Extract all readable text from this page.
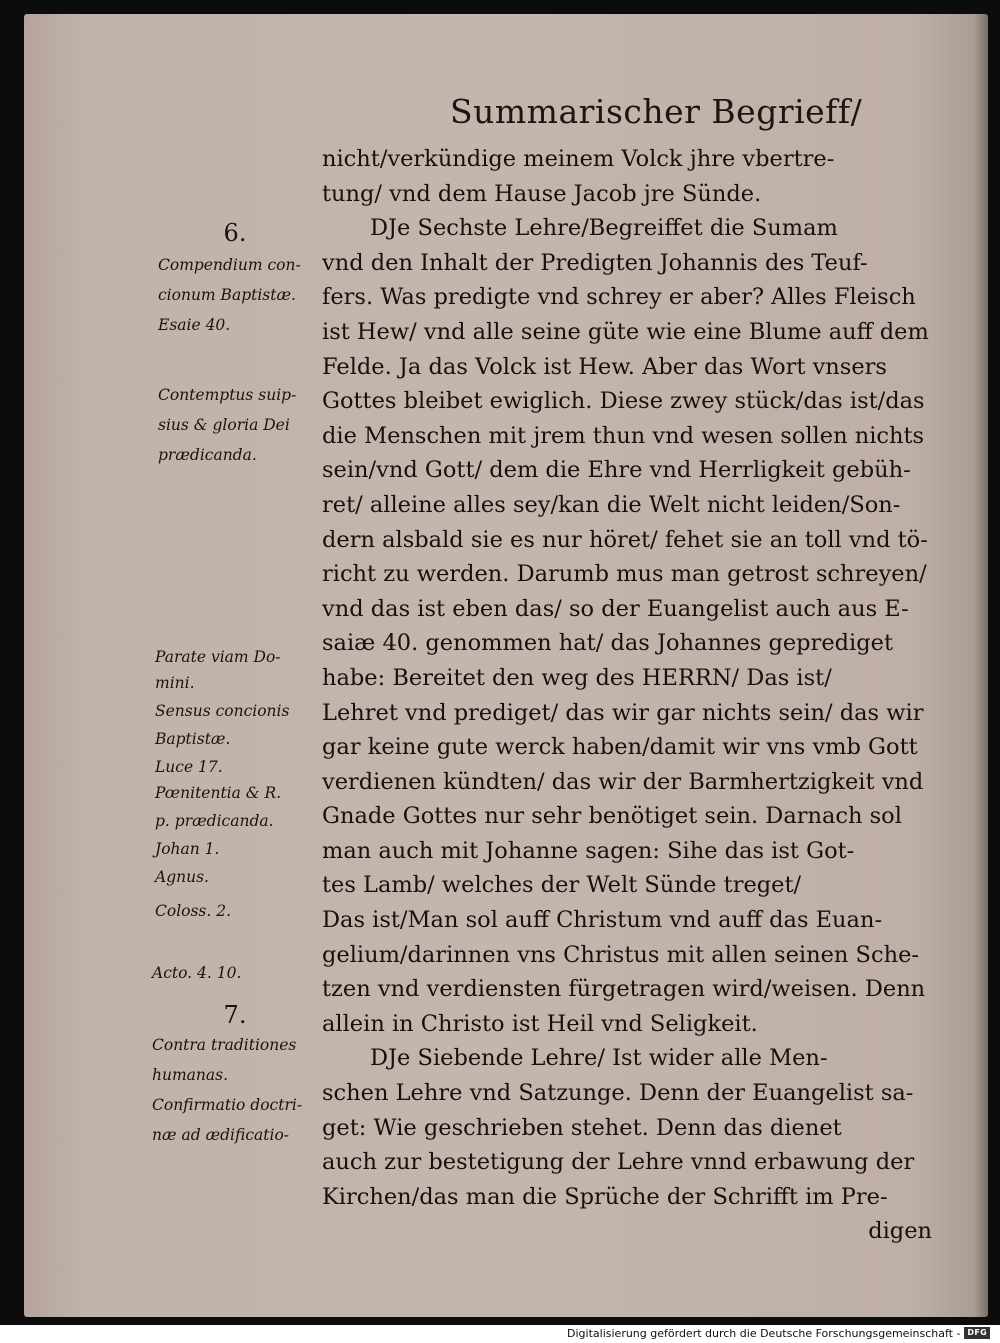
Summarischer Begrieff/
nicht/verkündige meinem Volck jhre vbertre-
tung/ vnd dem Hause Jacob jre Sünde.
DJe Sechste Lehre/Begreiffet die Sumam
vnd den Inhalt der Predigten Johannis des Teuf-
fers. Was predigte vnd schrey er aber? Alles Fleisch
ist Hew/ vnd alle seine güte wie eine Blume auff dem
Felde. Ja das Volck ist Hew. Aber das Wort vnsers
Gottes bleibet ewiglich. Diese zwey stück/das ist/das
die Menschen mit jrem thun vnd wesen sollen nichts
sein/vnd Gott/ dem die Ehre vnd Herrligkeit gebüh-
ret/ alleine alles sey/kan die Welt nicht leiden/Son-
dern alsbald sie es nur höret/ fehet sie an toll vnd tö-
richt zu werden. Darumb mus man getrost schreyen/
vnd das ist eben das/ so der Euangelist auch aus E-
saiæ 40. genommen hat/ das Johannes geprediget
habe: Bereitet den weg des HERRN/ Das ist/
Lehret vnd prediget/ das wir gar nichts sein/ das wir
gar keine gute werck haben/damit wir vns vmb Gott
verdienen kündten/ das wir der Barmhertzigkeit vnd
Gnade Gottes nur sehr benötiget sein. Darnach sol
man auch mit Johanne sagen: Sihe das ist Got-
tes Lamb/ welches der Welt Sünde treget/
Das ist/Man sol auff Christum vnd auff das Euan-
gelium/darinnen vns Christus mit allen seinen Sche-
tzen vnd verdiensten fürgetragen wird/weisen. Denn
allein in Christo ist Heil vnd Seligkeit.
DJe Siebende Lehre/ Ist wider alle Men-
schen Lehre vnd Satzunge. Denn der Euangelist sa-
get: Wie geschrieben stehet. Denn das dienet
auch zur bestetigung der Lehre vnnd erbawung der
Kirchen/das man die Sprüche der Schrifft im Pre-
digen
6.
Compendium con-
cionum Baptistæ.
Esaie 40.
Contemptus suip-
sius & gloria Dei
prædicanda.
Parate viam Do-
mini.
Sensus concionis
Baptistæ.
Luce 17.
Pœnitentia & R.
p. prædicanda.
Johan 1.
Agnus.
Coloss. 2.
Acto. 4. 10.
7.
Contra traditiones
humanas.
Confirmatio doctri-
næ ad ædificatio-
Digitalisierung gefördert durch die Deutsche Forschungsgemeinschaft - DFG
